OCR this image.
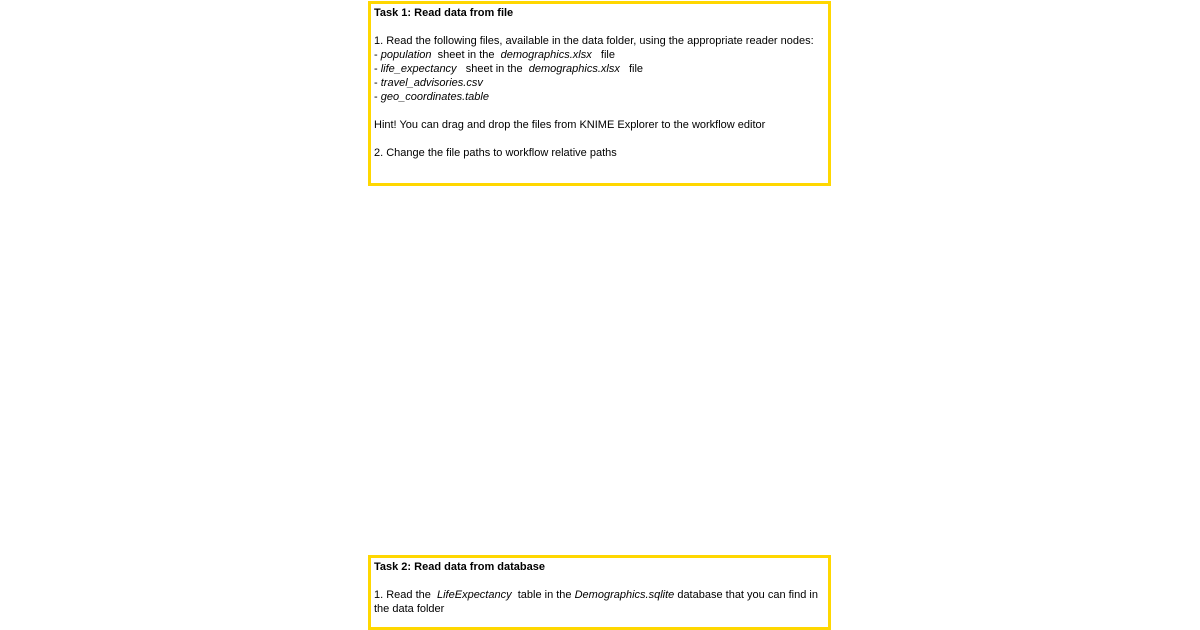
Task 1: Read data from file
1. Read the following files, available in the data folder, using the appropriate reader nodes:
- population  sheet in the  demographics.xlsx   file
- life_expectancy   sheet in the  demographics.xlsx   file
- travel_advisories.csv
- geo_coordinates.table
Hint! You can drag and drop the files from KNIME Explorer to the workflow editor
2. Change the file paths to workflow relative paths
Task 2: Read data from database
1. Read the  LifeExpectancy  table in the Demographics.sqlite database that you can find in the data folder
